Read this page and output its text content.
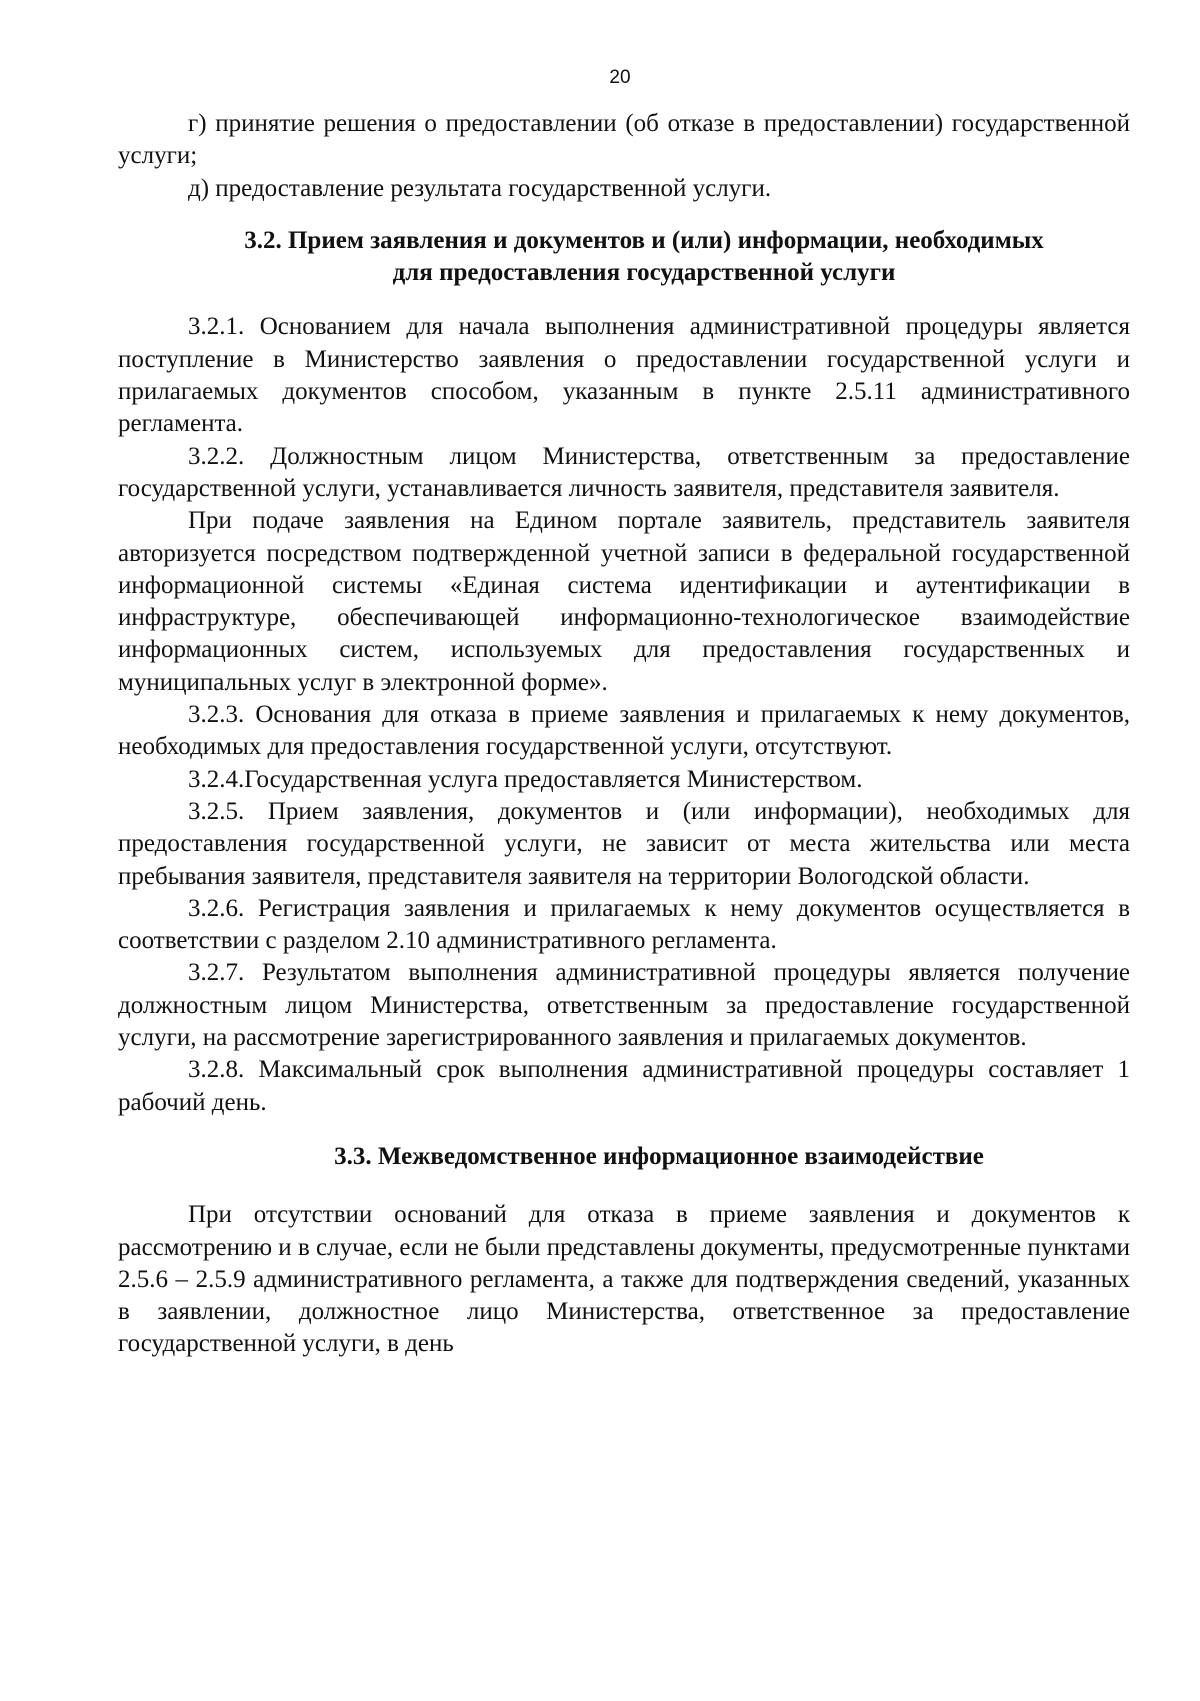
20

г) принятие решения о предоставлении (об отказе в предоставлении) государственной услуги;

д) предоставление результата государственной услуги.

3.2. Прием заявления и документов и (или) информации, необходимых
для предоставления государственной услуги

3.2.1. Основанием для начала выполнения административной процедуры является поступление в Министерство заявления о предоставлении государственной услуги и прилагаемых документов способом, указанным в пункте 2.5.11 административного регламента.

3.2.2. Должностным лицом Министерства, ответственным за предоставление государственной услуги, устанавливается личность заявителя, представителя заявителя.

При подаче заявления на Едином портале заявитель, представитель заявителя авторизуется посредством подтвержденной учетной записи в федеральной государственной информационной системы «Единая система идентификации и аутентификации в инфраструктуре, обеспечивающей информационно-технологическое взаимодействие информационных систем, используемых для предоставления государственных и муниципальных услуг в электронной форме».

3.2.3. Основания для отказа в приеме заявления и прилагаемых к нему документов, необходимых для предоставления государственной услуги, отсутствуют.

3.2.4.Государственная услуга предоставляется Министерством.

3.2.5. Прием заявления, документов и (или информации), необходимых для предоставления государственной услуги, не зависит от места жительства или места пребывания заявителя, представителя заявителя на территории Вологодской области.

3.2.6. Регистрация заявления и прилагаемых к нему документов осуществляется в соответствии с разделом 2.10 административного регламента.

3.2.7. Результатом выполнения административной процедуры является получение должностным лицом Министерства, ответственным за предоставление государственной услуги, на рассмотрение зарегистрированного заявления и прилагаемых документов.

3.2.8. Максимальный срок выполнения административной процедуры составляет 1 рабочий день.

3.3. Межведомственное информационное взаимодействие

При отсутствии оснований для отказа в приеме заявления и документов к рассмотрению и в случае, если не были представлены документы, предусмотренные пунктами 2.5.6 – 2.5.9 административного регламента, а также для подтверждения сведений, указанных в заявлении, должностное лицо Министерства, ответственное за предоставление государственной услуги, в день
